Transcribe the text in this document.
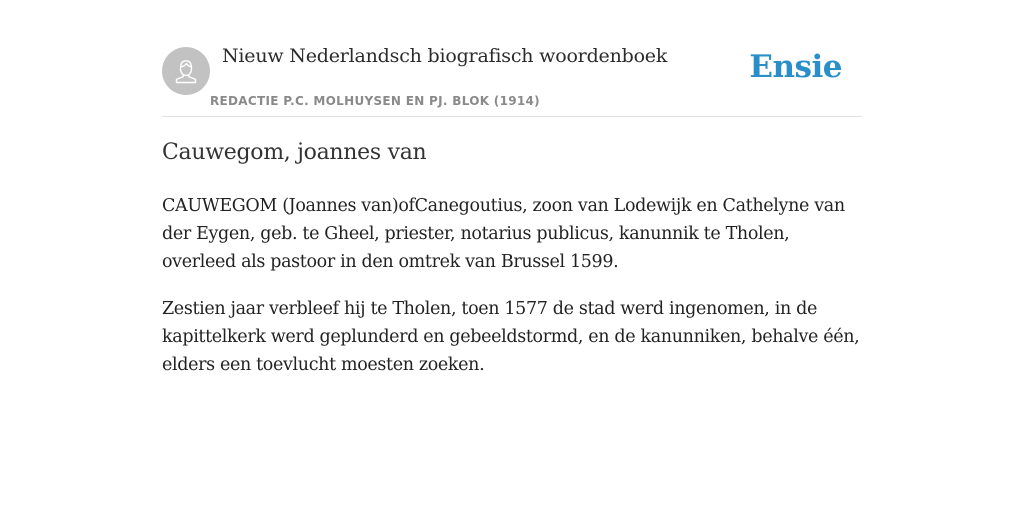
Nieuw Nederlandsch biografisch woordenboek
REDACTIE P.C. MOLHUYSEN EN PJ. BLOK (1914)
Ensie
Cauwegom, joannes van

CAUWEGOM (Joannes van)ofCanegoutius, zoon van Lodewijk en Cathelyne van der Eygen, geb. te Gheel, priester, notarius publicus, kanunnik te Tholen, overleed als pastoor in den omtrek van Brussel 1599.

Zestien jaar verbleef hij te Tholen, toen 1577 de stad werd ingenomen, in de kapittelkerk werd geplunderd en gebeeldstormd, en de kanunniken, behalve één, elders een toevlucht moesten zoeken.
